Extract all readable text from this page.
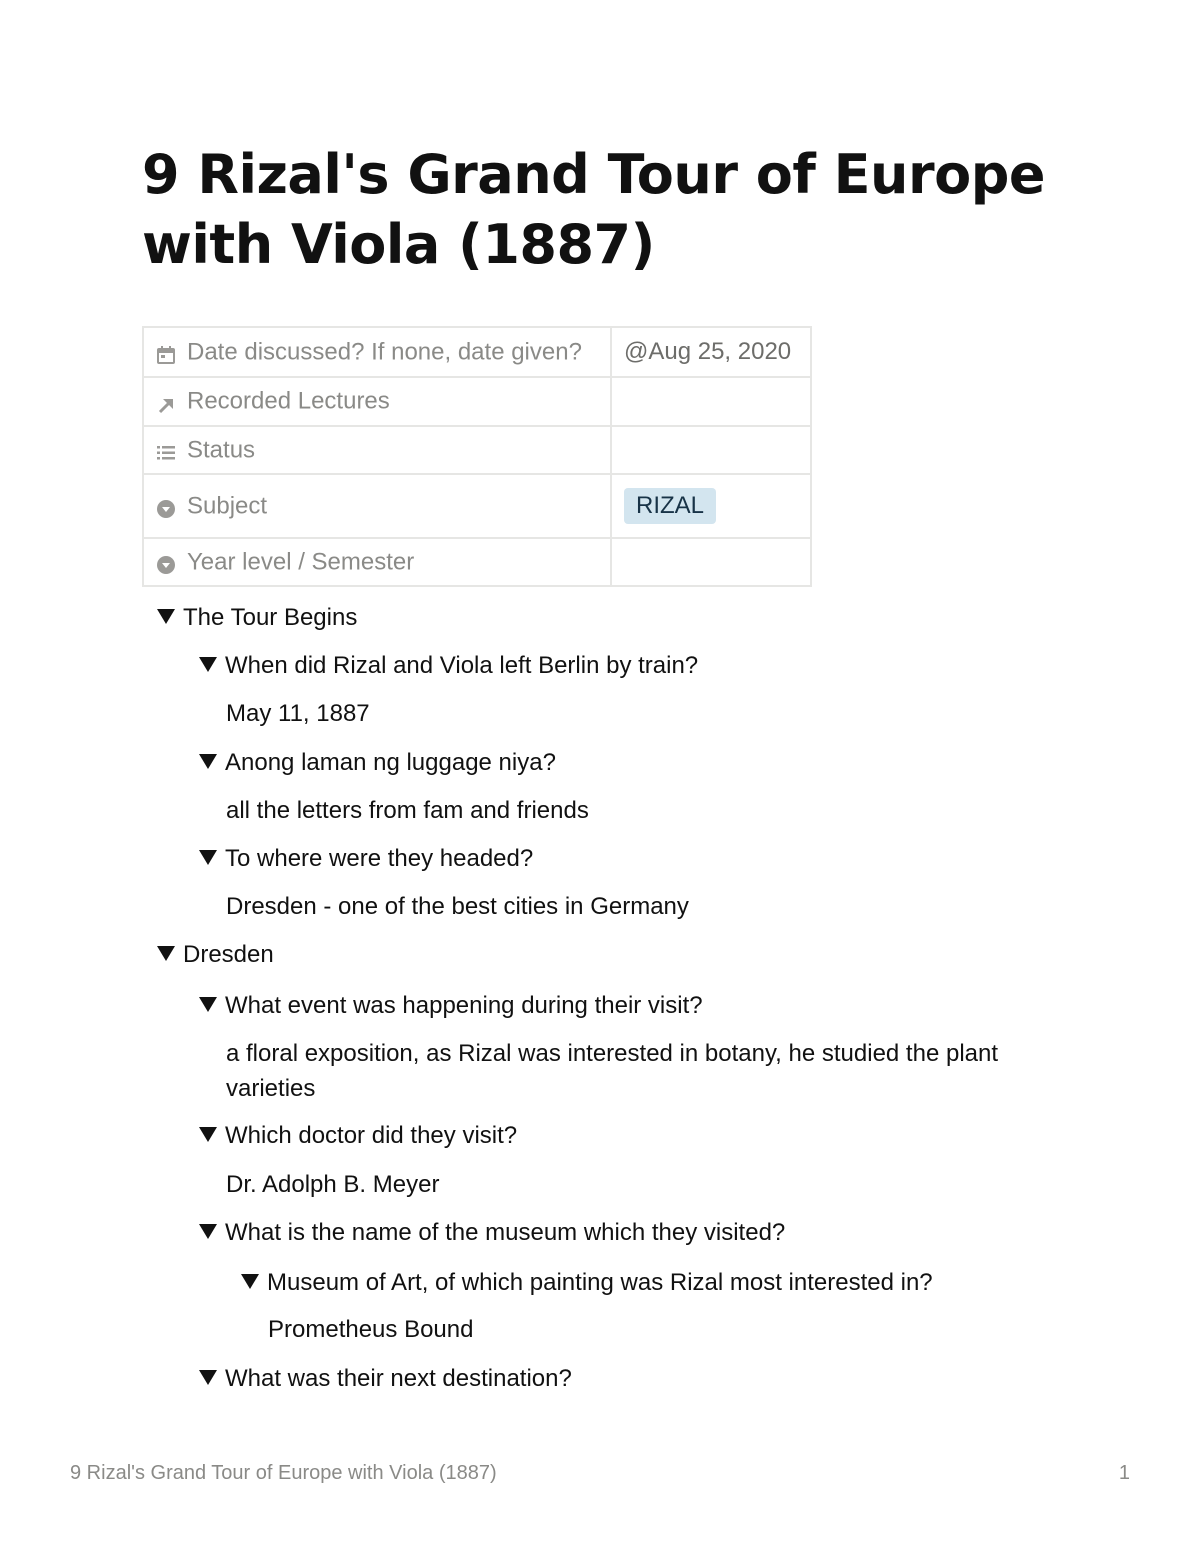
9 Rizal's Grand Tour of Europe with Viola (1887)
Date discussed? If none, date given?	@Aug 25, 2020
Recorded Lectures	
Status	
Subject	RIZAL
Year level / Semester	
The Tour Begins
When did Rizal and Viola left Berlin by train?
May 11, 1887
Anong laman ng luggage niya?
all the letters from fam and friends
To where were they headed?
Dresden - one of the best cities in Germany
Dresden
What event was happening during their visit?
a floral exposition, as Rizal was interested in botany, he studied the plant varieties
Which doctor did they visit?
Dr. Adolph B. Meyer
What is the name of the museum which they visited?
Museum of Art, of which painting was Rizal most interested in?
Prometheus Bound
What was their next destination?
9 Rizal's Grand Tour of Europe with Viola (1887)	1
